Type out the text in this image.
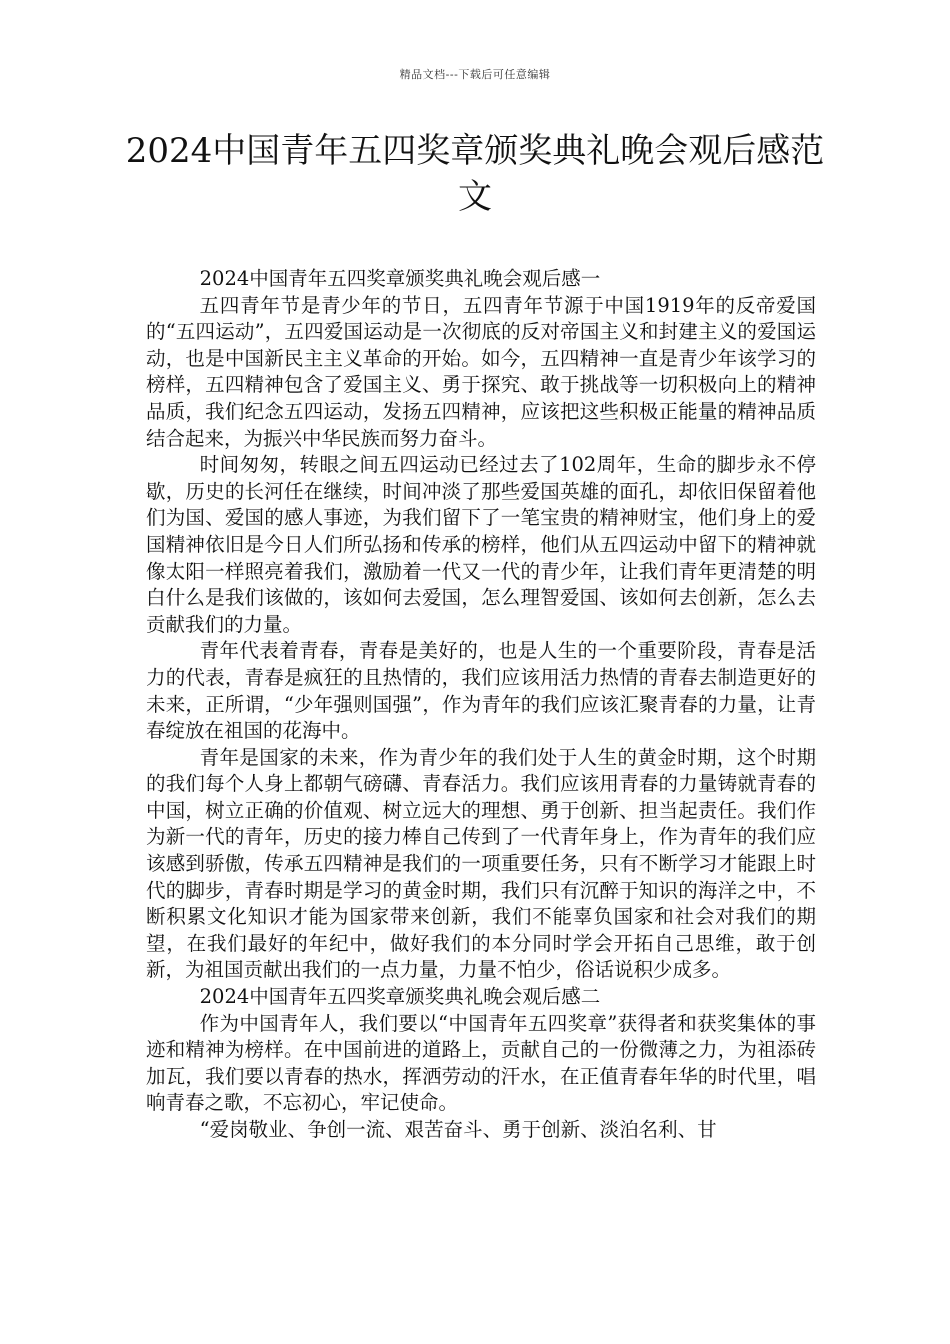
精品文档---下载后可任意编辑
2024中国青年五四奖章颁奖典礼晚会观后感范文

2024中国青年五四奖章颁奖典礼晚会观后感一

五四青年节是青少年的节日，五四青年节源于中国1919年的反帝爱国的“五四运动”，五四爱国运动是一次彻底的反对帝国主义和封建主义的爱国运动，也是中国新民主主义革命的开始。如今，五四精神一直是青少年该学习的榜样，五四精神包含了爱国主义、勇于探究、敢于挑战等一切积极向上的精神品质，我们纪念五四运动，发扬五四精神，应该把这些积极正能量的精神品质结合起来，为振兴中华民族而努力奋斗。

时间匆匆，转眼之间五四运动已经过去了102周年，生命的脚步永不停歇，历史的长河任在继续，时间冲淡了那些爱国英雄的面孔，却依旧保留着他们为国、爱国的感人事迹，为我们留下了一笔宝贵的精神财宝，他们身上的爱国精神依旧是今日人们所弘扬和传承的榜样，他们从五四运动中留下的精神就像太阳一样照亮着我们，激励着一代又一代的青少年，让我们青年更清楚的明白什么是我们该做的，该如何去爱国，怎么理智爱国、该如何去创新，怎么去贡献我们的力量。

青年代表着青春，青春是美好的，也是人生的一个重要阶段，青春是活力的代表，青春是疯狂的且热情的，我们应该用活力热情的青春去制造更好的未来，正所谓，“少年强则国强”，作为青年的我们应该汇聚青春的力量，让青春绽放在祖国的花海中。

青年是国家的未来，作为青少年的我们处于人生的黄金时期，这个时期的我们每个人身上都朝气磅礴、青春活力。我们应该用青春的力量铸就青春的中国，树立正确的价值观、树立远大的理想、勇于创新、担当起责任。我们作为新一代的青年，历史的接力棒自己传到了一代青年身上，作为青年的我们应该感到骄傲，传承五四精神是我们的一项重要任务，只有不断学习才能跟上时代的脚步，青春时期是学习的黄金时期，我们只有沉醉于知识的海洋之中，不断积累文化知识才能为国家带来创新，我们不能辜负国家和社会对我们的期望，在我们最好的年纪中，做好我们的本分同时学会开拓自己思维，敢于创新，为祖国贡献出我们的一点力量，力量不怕少，俗话说积少成多。

2024中国青年五四奖章颁奖典礼晚会观后感二

作为中国青年人，我们要以“中国青年五四奖章”获得者和获奖集体的事迹和精神为榜样。在中国前进的道路上，贡献自己的一份微薄之力，为祖添砖加瓦，我们要以青春的热水，挥洒劳动的汗水，在正值青春年华的时代里，唱响青春之歌，不忘初心，牢记使命。

“爱岗敬业、争创一流、艰苦奋斗、勇于创新、淡泊名利、甘
